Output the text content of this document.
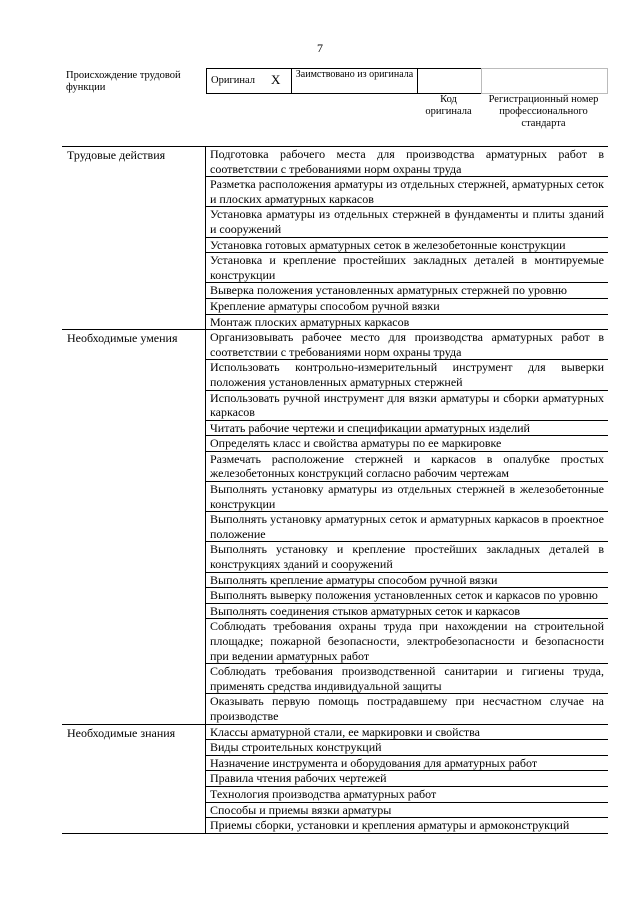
7
Происхождение трудовой функции
Оригинал X	Заимствовано из оригинала
Код оригинала
Регистрационный номер профессионального стандарта
Трудовые действия	Подготовка рабочего места для производства арматурных работ в соответствии с требованиями норм охраны труда
Разметка расположения арматуры из отдельных стержней, арматурных сеток и плоских арматурных каркасов
Установка арматуры из отдельных стержней в фундаменты и плиты зданий и сооружений
Установка готовых арматурных сеток в железобетонные конструкции
Установка и крепление простейших закладных деталей в монтируемые конструкции
Выверка положения установленных арматурных стержней по уровню
Крепление арматуры способом ручной вязки
Монтаж плоских арматурных каркасов
Необходимые умения	Организовывать рабочее место для производства арматурных работ в соответствии с требованиями норм охраны труда
Использовать контрольно-измерительный инструмент для выверки положения установленных арматурных стержней
Использовать ручной инструмент для вязки арматуры и сборки арматурных каркасов
Читать рабочие чертежи и спецификации арматурных изделий
Определять класс и свойства арматуры по ее маркировке
Размечать расположение стержней и каркасов в опалубке простых железобетонных конструкций согласно рабочим чертежам
Выполнять установку арматуры из отдельных стержней в железобетонные конструкции
Выполнять установку арматурных сеток и арматурных каркасов в проектное положение
Выполнять установку и крепление простейших закладных деталей в конструкциях зданий и сооружений
Выполнять крепление арматуры способом ручной вязки
Выполнять выверку положения установленных сеток и каркасов по уровню
Выполнять соединения стыков арматурных сеток и каркасов
Соблюдать требования охраны труда при нахождении на строительной площадке; пожарной безопасности, электробезопасности и безопасности при ведении арматурных работ
Соблюдать требования производственной санитарии и гигиены труда, применять средства индивидуальной защиты
Оказывать первую помощь пострадавшему при несчастном случае на производстве
Необходимые знания	Классы арматурной стали, ее маркировки и свойства
Виды строительных конструкций
Назначение инструмента и оборудования для арматурных работ
Правила чтения рабочих чертежей
Технология производства арматурных работ
Способы и приемы вязки арматуры
Приемы сборки, установки и крепления арматуры и армоконструкций
